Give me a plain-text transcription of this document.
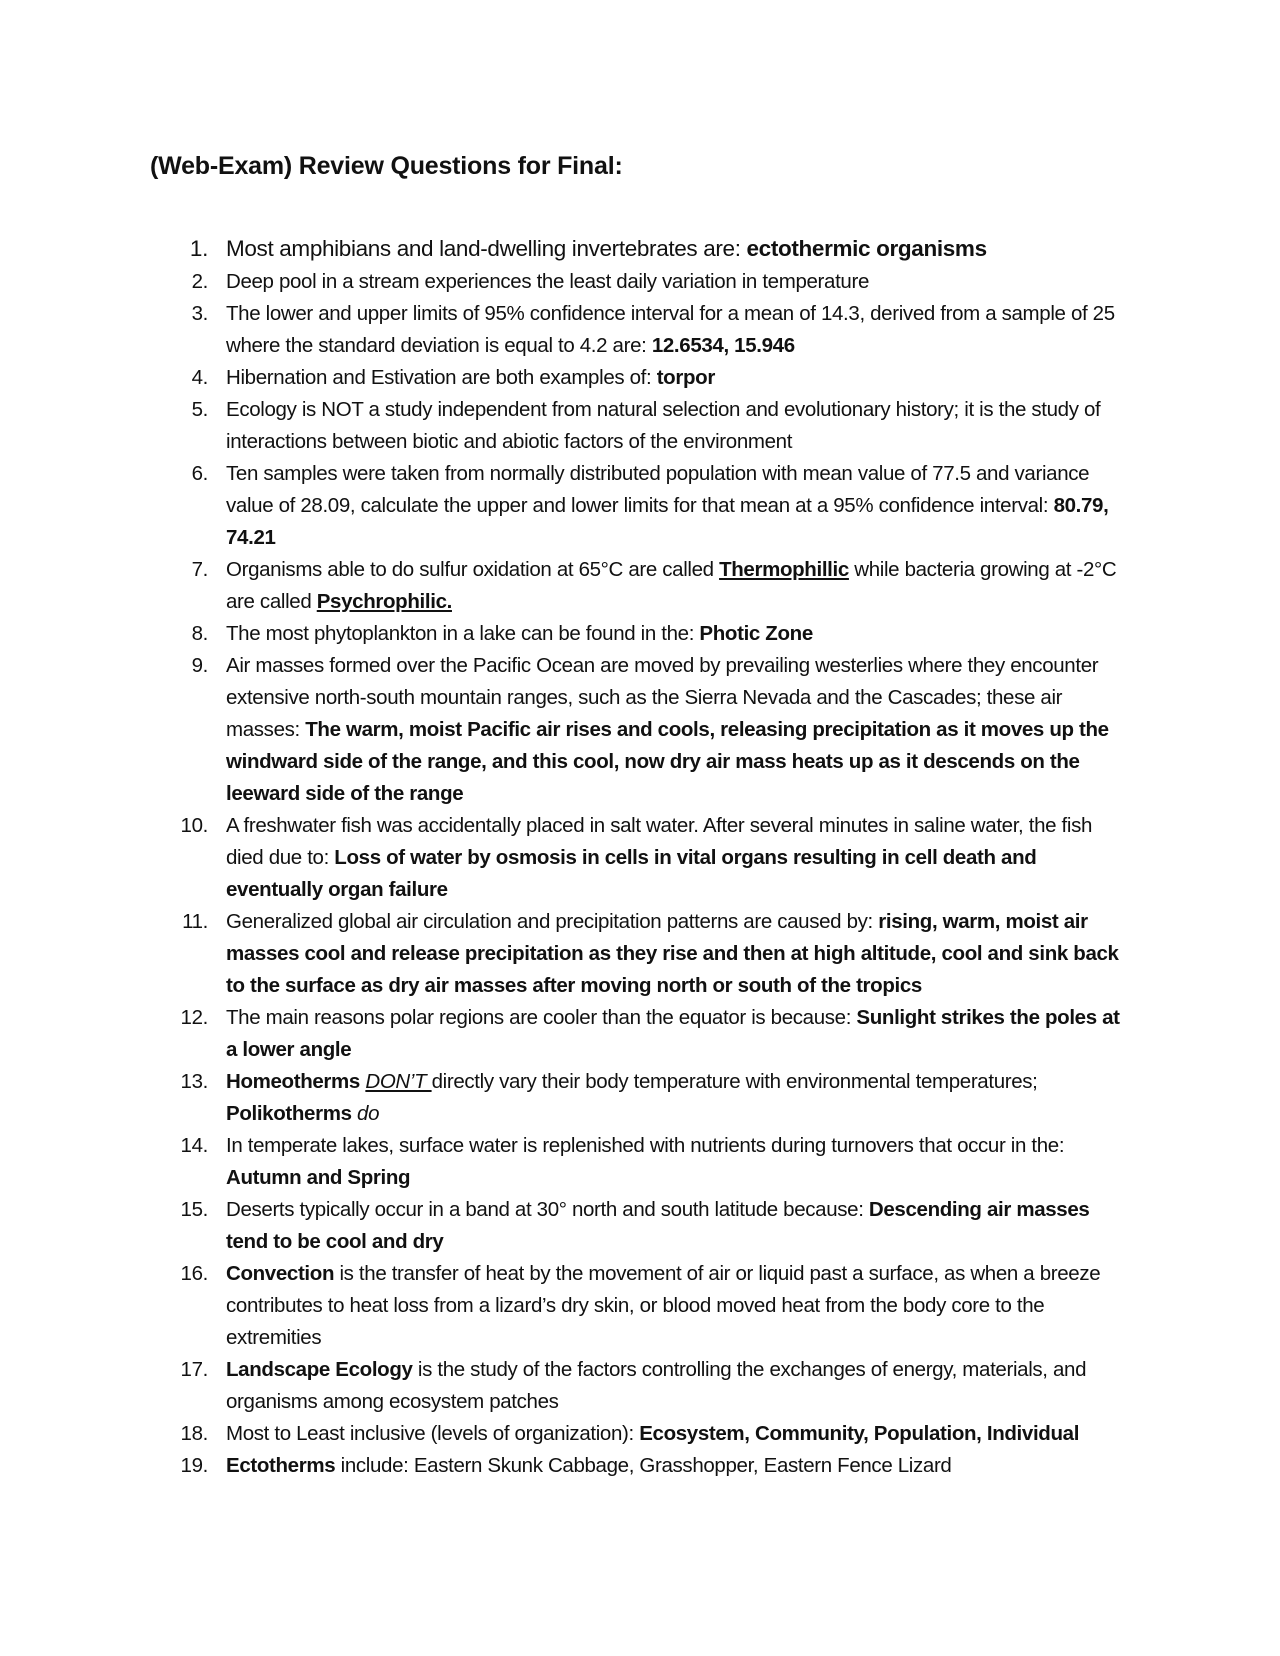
(Web-Exam) Review Questions for Final:
1. Most amphibians and land-dwelling invertebrates are: ectothermic organisms
2. Deep pool in a stream experiences the least daily variation in temperature
3. The lower and upper limits of 95% confidence interval for a mean of 14.3, derived from a sample of 25 where the standard deviation is equal to 4.2 are: 12.6534, 15.946
4. Hibernation and Estivation are both examples of: torpor
5. Ecology is NOT a study independent from natural selection and evolutionary history; it is the study of interactions between biotic and abiotic factors of the environment
6. Ten samples were taken from normally distributed population with mean value of 77.5 and variance value of 28.09, calculate the upper and lower limits for that mean at a 95% confidence interval: 80.79, 74.21
7. Organisms able to do sulfur oxidation at 65°C are called Thermophillic while bacteria growing at -2°C are called Psychrophilic.
8. The most phytoplankton in a lake can be found in the: Photic Zone
9. Air masses formed over the Pacific Ocean are moved by prevailing westerlies where they encounter extensive north-south mountain ranges, such as the Sierra Nevada and the Cascades; these air masses: The warm, moist Pacific air rises and cools, releasing precipitation as it moves up the windward side of the range, and this cool, now dry air mass heats up as it descends on the leeward side of the range
10. A freshwater fish was accidentally placed in salt water. After several minutes in saline water, the fish died due to: Loss of water by osmosis in cells in vital organs resulting in cell death and eventually organ failure
11. Generalized global air circulation and precipitation patterns are caused by: rising, warm, moist air masses cool and release precipitation as they rise and then at high altitude, cool and sink back to the surface as dry air masses after moving north or south of the tropics
12. The main reasons polar regions are cooler than the equator is because: Sunlight strikes the poles at a lower angle
13. Homeotherms DON’T directly vary their body temperature with environmental temperatures; Polikotherms do
14. In temperate lakes, surface water is replenished with nutrients during turnovers that occur in the: Autumn and Spring
15. Deserts typically occur in a band at 30° north and south latitude because: Descending air masses tend to be cool and dry
16. Convection is the transfer of heat by the movement of air or liquid past a surface, as when a breeze contributes to heat loss from a lizard’s dry skin, or blood moved heat from the body core to the extremities
17. Landscape Ecology is the study of the factors controlling the exchanges of energy, materials, and organisms among ecosystem patches
18. Most to Least inclusive (levels of organization): Ecosystem, Community, Population, Individual
19. Ectotherms include: Eastern Skunk Cabbage, Grasshopper, Eastern Fence Lizard
